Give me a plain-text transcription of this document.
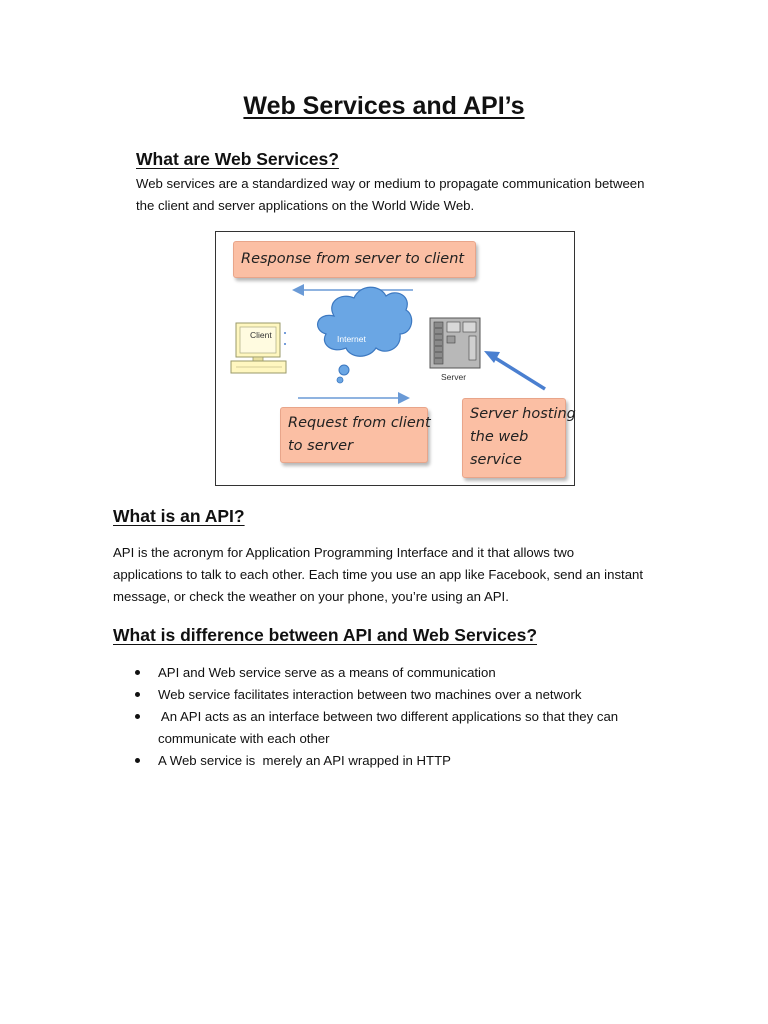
Web Services and API’s
What are Web Services?
Web services are a standardized way or medium to propagate communication between
the client and server applications on the World Wide Web.
Client	Internet
Server
Response from server to client
Request from client
to server
Server hosting
the web
service
What is an API?
API is the acronym for Application Programming Interface and it that allows two
applications to talk to each other. Each time you use an app like Facebook, send an instant
message, or check the weather on your phone, you’re using an API.
What is difference between API and Web Services?
API and Web service serve as a means of communication
Web service facilitates interaction between two machines over a network
An API acts as an interface between two different applications so that they can
communicate with each other
A Web service is  merely an API wrapped in HTTP
